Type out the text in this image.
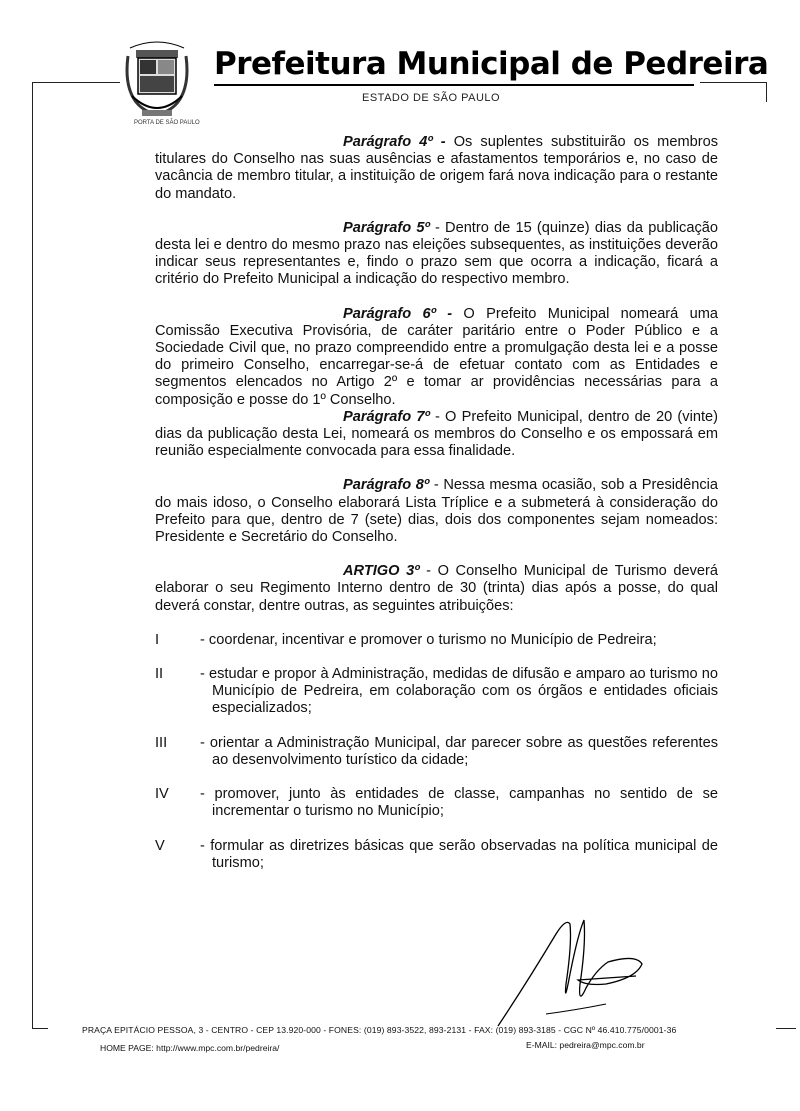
PORTA DE SÃO PAULO
Prefeitura Municipal de Pedreira
ESTADO DE SÃO PAULO

Parágrafo 4º - Os suplentes substituirão os membros titulares do Conselho nas suas ausências e afastamentos temporários e, no caso de vacância de membro titular, a instituição de origem fará nova indicação para o restante do mandato.

Parágrafo 5º - Dentro de 15 (quinze) dias da publicação desta lei e dentro do mesmo prazo nas eleições subsequentes, as instituições deverão indicar seus representantes e, findo o prazo sem que ocorra a indicação, ficará a critério do Prefeito Municipal a indicação do respectivo membro.

Parágrafo 6º - O Prefeito Municipal nomeará uma Comissão Executiva Provisória, de caráter paritário entre o Poder Público e a Sociedade Civil que, no prazo compreendido entre a promulgação desta lei e a posse do primeiro Conselho, encarregar-se-á de efetuar contato com as Entidades e segmentos elencados no Artigo 2º e tomar ar providências necessárias para a composição e posse do 1º Conselho.

Parágrafo 7º - O Prefeito Municipal, dentro de 20 (vinte) dias da publicação desta Lei, nomeará os membros do Conselho e os empossará em reunião especialmente convocada para essa finalidade.

Parágrafo 8º - Nessa mesma ocasião, sob a Presidência do mais idoso, o Conselho elaborará Lista Tríplice e a submeterá à consideração do Prefeito para que, dentro de 7 (sete) dias, dois dos componentes sejam nomeados: Presidente e Secretário do Conselho.

ARTIGO 3º - O Conselho Municipal de Turismo deverá elaborar o seu Regimento Interno dentro de 30 (trinta) dias após a posse, do qual deverá constar, dentre outras, as seguintes atribuições:

I	- coordenar, incentivar e promover o turismo no Município de Pedreira;
II	- estudar e propor à Administração, medidas de difusão e amparo ao turismo no Município de Pedreira, em colaboração com os órgãos e entidades oficiais especializados;
III	- orientar a Administração Municipal, dar parecer sobre as questões referentes ao desenvolvimento turístico da cidade;
IV	- promover, junto às entidades de classe, campanhas no sentido de se incrementar o turismo no Município;
V	- formular as diretrizes básicas que serão observadas na política municipal de turismo;
PRAÇA EPITÁCIO PESSOA, 3 - CENTRO - CEP 13.920-000 - FONES: (019) 893-3522, 893-2131 - FAX: (019) 893-3185 - CGC Nº 46.410.775/0001-36
HOME PAGE: http://www.mpc.com.br/pedreira/	E-MAIL: pedreira@mpc.com.br
